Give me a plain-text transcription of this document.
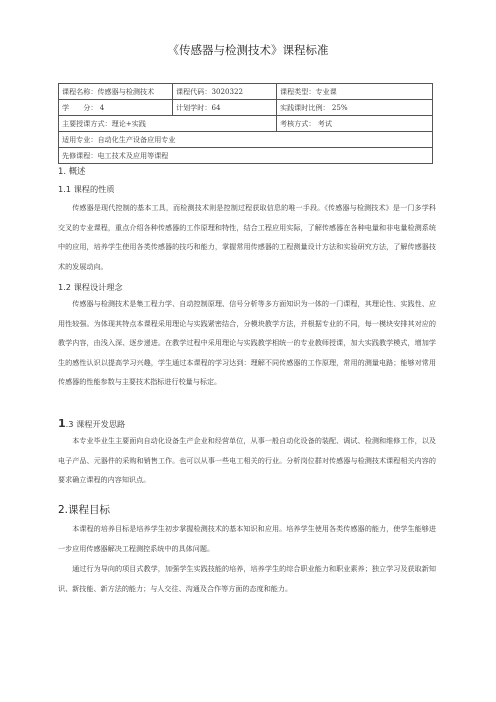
《传感器与检测技术》课程标准
课程名称：传感器与检测技术	课程代码：3020322	课程类型：专业课
学　　分： 4	计划学时：64	实践课时比例： 25%
主要授课方式：理论+实践		考核方式： 考试
适用专业：自动化生产设备应用专业		
先修课程：电工技术及应用等课程		
1. 概述
1.1 课程的性质
传感器是现代控制的基本工具，而检测技术则是控制过程获取信息的唯一手段。《传感器与检测技术》是一门多学科交叉的专业课程，重点介绍各种传感器的工作原理和特性，结合工程应用实际，了解传感器在各种电量和非电量检测系统中的应用，培养学生使用各类传感器的技巧和能力，掌握常用传感器的工程测量设计方法和实验研究方法，了解传感器技术的发展动向。
1.2 课程设计理念
传感器与检测技术是集工程力学、自动控制原理、信号分析等多方面知识为一体的一门课程，其理论性、实践性、应用性较强。为体现其特点本课程采用理论与实践紧密结合，分模块教学方法，并根据专业的不同，每一模块安排其对应的教学内容，由浅入深、逐步递进。在教学过程中采用理论与实践教学相统一的专业教师授课，加大实践教学模式，增加学生的感性认识以提高学习兴趣，学生通过本课程的学习达到：理解不同传感器的工作原理，常用的测量电路；能够对常用传感器的性能参数与主要技术指标进行校量与标定。
1.3 课程开发思路
本专业毕业生主要面向自动化设备生产企业和经营单位，从事一般自动化设备的装配、调试、检测和维修工作，以及电子产品、元器件的采购和销售工作。也可以从事一些电工相关的行业。分析岗位群对传感器与检测技术课程相关内容的要求确立课程的内容知识点。
2.课程目标
本课程的培养目标是培养学生初步掌握检测技术的基本知识和应用。培养学生使用各类传感器的能力，使学生能够进一步应用传感器解决工程测控系统中的具体问题。
通过行为导向的项目式教学，加强学生实践技能的培养，培养学生的综合职业能力和职业素养；独立学习及获取新知识、新技能、新方法的能力；与人交往、沟通及合作等方面的态度和能力。
